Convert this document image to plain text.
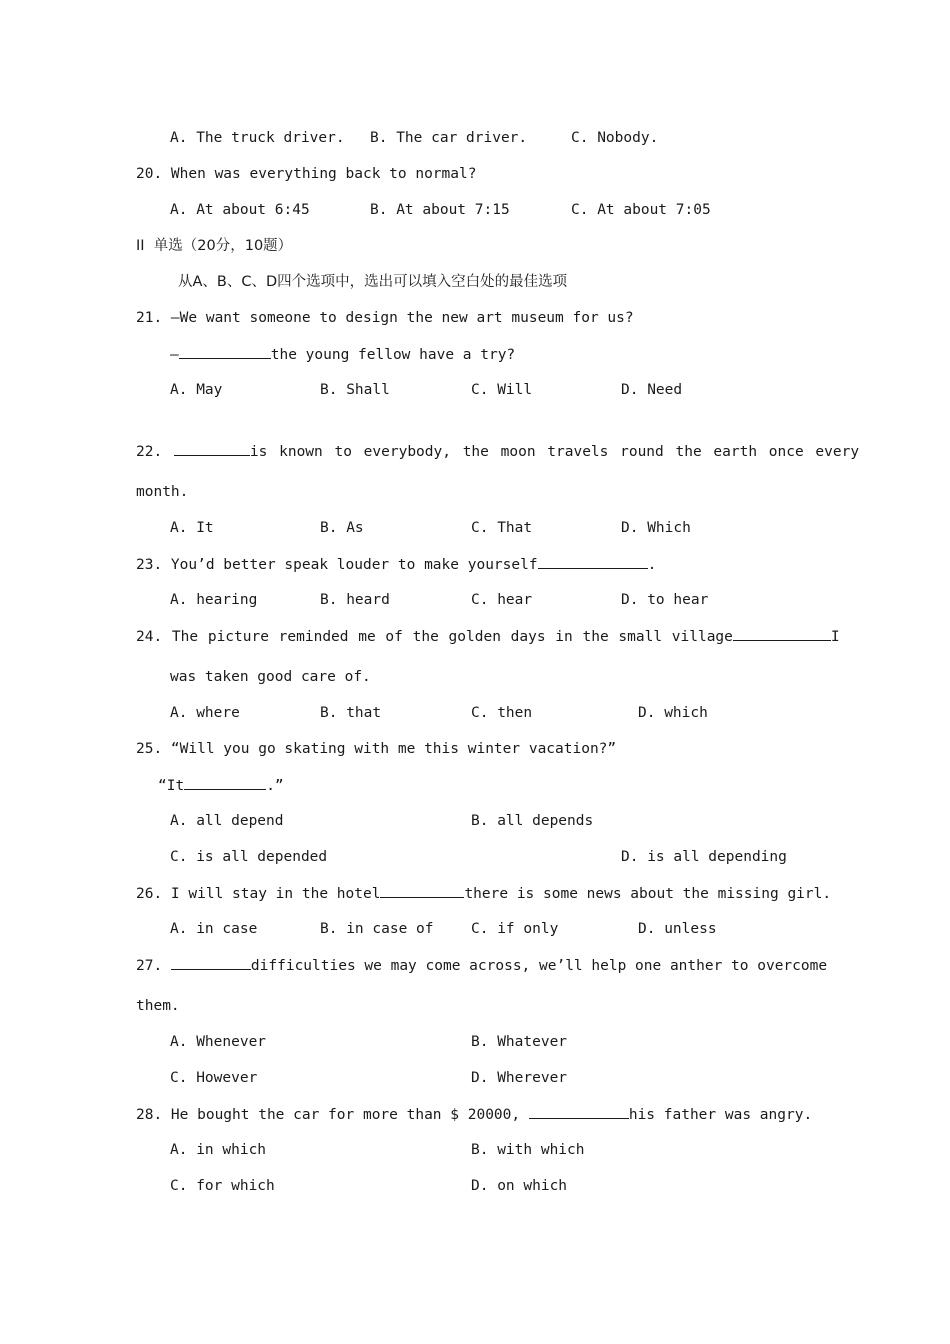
A. The truck driver. B. The car driver.	C. Nobody.
20. When was everything back to normal?
A. At about 6:45	B. At about 7:15	C. At about 7:05
II  单选（20分，10题）
从A、B、C、D四个选项中，选出可以填入空白处的最佳选项
21. —We want someone to design the new art museum for us?
—	the young fellow have a try?
A. May	B. Shall	C. Will	D. Need
22.	is known to everybody, the moon travels round the earth once every
month.
A. It	B. As	C. That	D. Which
23. You’d better speak louder to make yourself	.
A. hearing	B. heard	C. hear	D. to hear
24. The picture reminded me of the golden days in the small village	I
was taken good care of.
A. where	B. that	C. then	D. which
25. “Will you go skating with me this winter vacation?”
“It	.”
A. all depend	B. all depends
C. is all depended	D. is all depending
26. I will stay in the hotel	there is some news about the missing girl.
A. in case	B. in case of	C. if only	D. unless
27.	difficulties we may come across, we’ll help one anther to overcome
them.
A. Whenever	B. Whatever
C. However	D. Wherever
28. He bought the car for more than $ 20000,	his father was angry.
A. in which	B. with which
C. for which	D. on which
